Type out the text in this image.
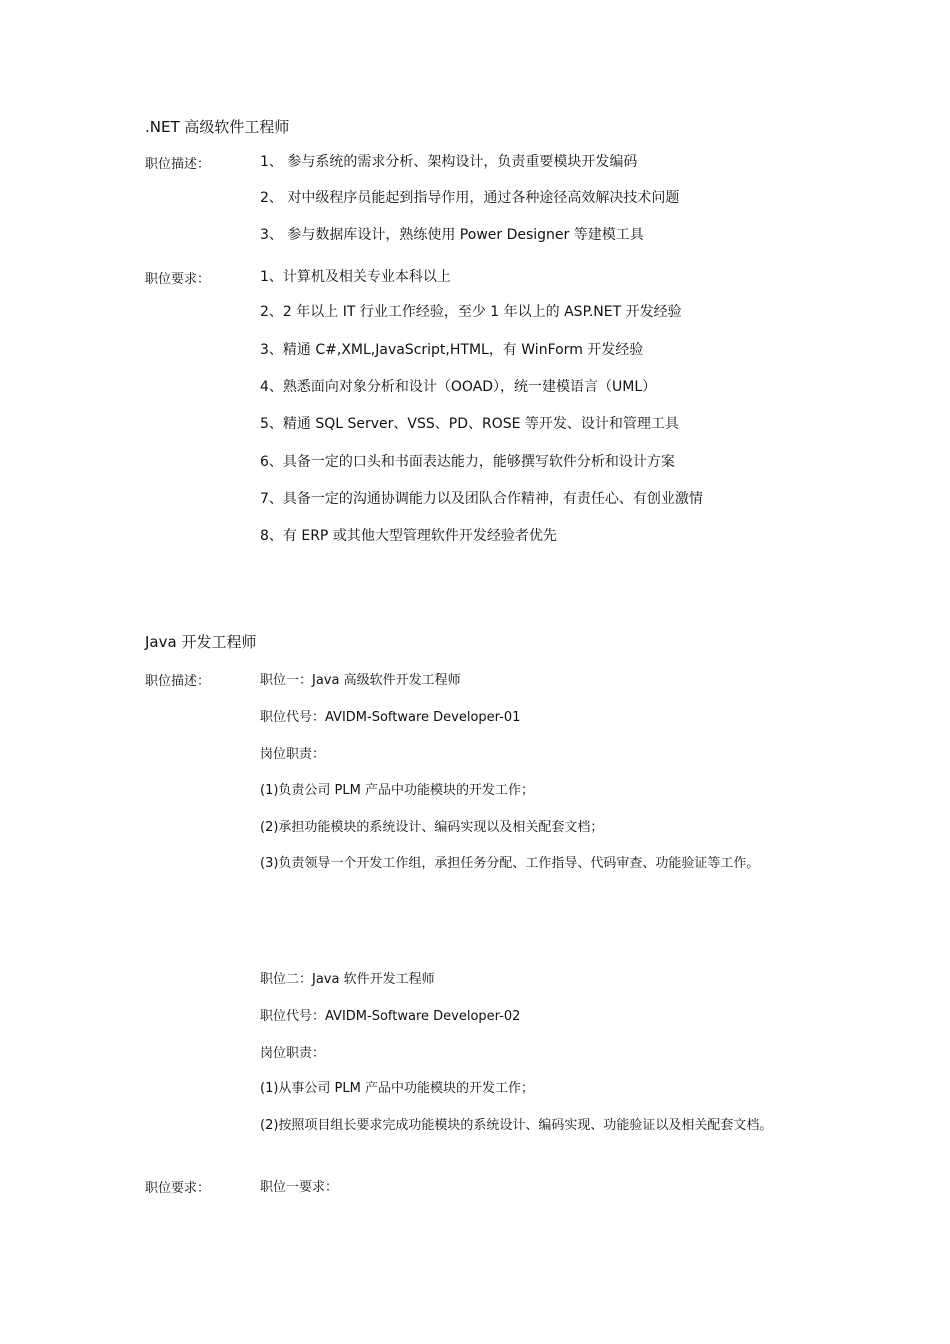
.NET 高级软件工程师
职位描述：	1、 参与系统的需求分析、架构设计，负责重要模块开发编码
2、 对中级程序员能起到指导作用，通过各种途径高效解决技术问题
3、 参与数据库设计，熟练使用 Power Designer 等建模工具
职位要求：	1、计算机及相关专业本科以上
2、2 年以上 IT 行业工作经验，至少 1 年以上的 ASP.NET 开发经验
3、精通 C#,XML,JavaScript,HTML，有 WinForm 开发经验
4、熟悉面向对象分析和设计（OOAD），统一建模语言（UML）
5、精通 SQL Server、VSS、PD、ROSE 等开发、设计和管理工具
6、具备一定的口头和书面表达能力，能够撰写软件分析和设计方案
7、具备一定的沟通协调能力以及团队合作精神，有责任心、有创业激情
8、有 ERP 或其他大型管理软件开发经验者优先
Java 开发工程师
职位描述：	职位一：Java 高级软件开发工程师
职位代号：AVIDM-Software Developer-01
岗位职责：
(1)负责公司 PLM 产品中功能模块的开发工作；
(2)承担功能模块的系统设计、编码实现以及相关配套文档；
(3)负责领导一个开发工作组，承担任务分配、工作指导、代码审查、功能验证等工作。
职位二：Java 软件开发工程师
职位代号：AVIDM-Software Developer-02
岗位职责：
(1)从事公司 PLM 产品中功能模块的开发工作；
(2)按照项目组长要求完成功能模块的系统设计、编码实现、功能验证以及相关配套文档。
职位要求：	职位一要求：
